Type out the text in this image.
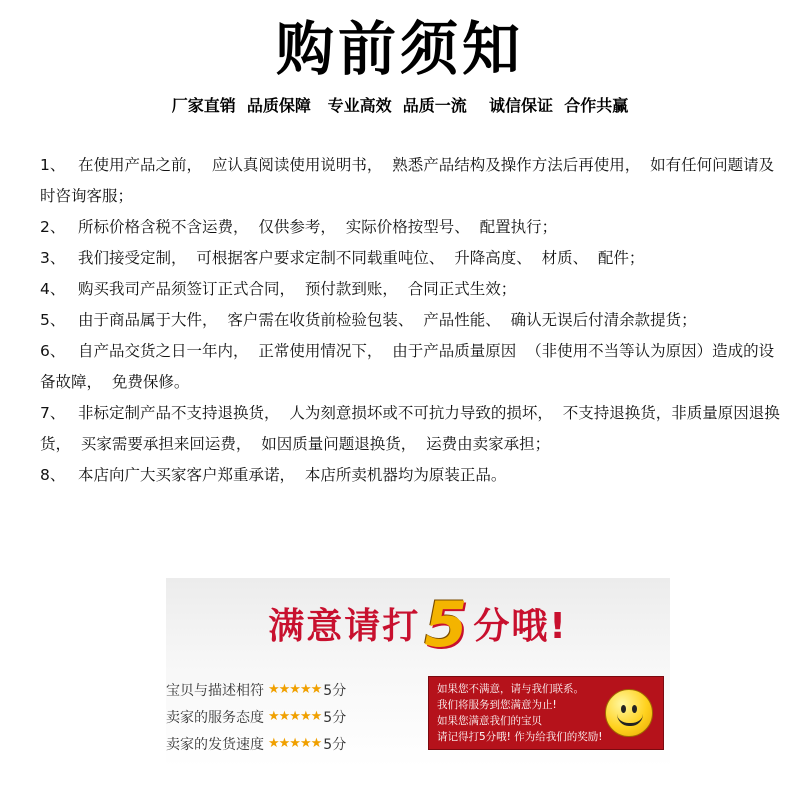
购前须知
厂家直销  品质保障   专业高效  品质一流    诚信保证  合作共赢
1、 在使用产品之前，  应认真阅读使用说明书，  熟悉产品结构及操作方法后再使用，  如有任何问题请及时咨询客服；
2、 所标价格含税不含运费，  仅供参考，  实际价格按型号、  配置执行；
3、 我们接受定制，  可根据客户要求定制不同载重吨位、  升降高度、  材质、  配件；
4、 购买我司产品须签订正式合同，  预付款到账，  合同正式生效；
5、 由于商品属于大件，  客户需在收货前检验包装、  产品性能、  确认无误后付清余款提货；
6、 自产品交货之日一年内，  正常使用情况下，  由于产品质量原因  （非使用不当等认为原因）造成的设备故障，  免费保修。
7、 非标定制产品不支持退换货，  人为刻意损坏或不可抗力导致的损坏，  不支持退换货，非质量原因退换货，  买家需要承担来回运费，  如因质量问题退换货，  运费由卖家承担；
8、 本店向广大买家客户郑重承诺，  本店所卖机器均为原装正品。
满意请打5 分哦!
宝贝与描述相符 ★★★★★ 5分
卖家的服务态度 ★★★★★ 5分
卖家的发货速度 ★★★★★ 5分
如果您不满意，请与我们联系。
我们将服务到您满意为止!
如果您满意我们的宝贝
请记得打5分哦! 作为给我们的奖励!
